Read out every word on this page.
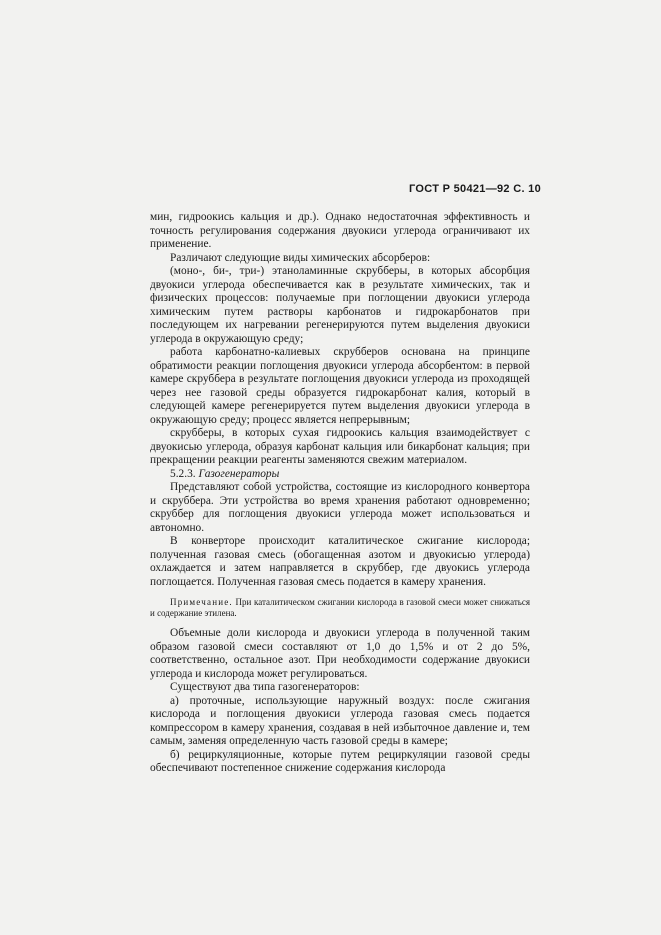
ГОСТ Р 50421—92 С. 10

мин, гидроокись кальция и др.). Однако недостаточная эффективность и точность регулирования содержания двуокиси углерода ограничивают их применение.

Различают следующие виды химических абсорберов:

(моно-, би-, три-) этаноламинные скрубберы, в которых абсорбция двуокиси углерода обеспечивается как в результате химических, так и физических процессов: получаемые при поглощении двуокиси углерода химическим путем растворы карбонатов и гидрокарбонатов при последующем их нагревании регенерируются путем выделения двуокиси углерода в окружающую среду;

работа карбонатно-калиевых скрубберов основана на принципе обратимости реакции поглощения двуокиси углерода абсорбентом: в первой камере скруббера в результате поглощения двуокиси углерода из проходящей через нее газовой среды образуется гидрокарбонат калия, который в следующей камере регенерируется путем выделения двуокиси углерода в окружающую среду; процесс является непрерывным;

скрубберы, в которых сухая гидроокись кальция взаимодействует с двуокисью углерода, образуя карбонат кальция или бикарбонат кальция; при прекращении реакции реагенты заменяются свежим материалом.

5.2.3. Газогенераторы

Представляют собой устройства, состоящие из кислородного конвертора и скруббера. Эти устройства во время хранения работают одновременно; скруббер для поглощения двуокиси углерода может использоваться и автономно.

В конверторе происходит каталитическое сжигание кислорода; полученная газовая смесь (обогащенная азотом и двуокисью углерода) охлаждается и затем направляется в скруббер, где двуокись углерода поглощается. Полученная газовая смесь подается в камеру хранения.

Примечание. При каталитическом сжигании кислорода в газовой смеси может снижаться и содержание этилена.

Объемные доли кислорода и двуокиси углерода в полученной таким образом газовой смеси составляют от 1,0 до 1,5% и от 2 до 5%, соответственно, остальное азот. При необходимости содержание двуокиси углерода и кислорода может регулироваться.

Существуют два типа газогенераторов:

а) проточные, использующие наружный воздух: после сжигания кислорода и поглощения двуокиси углерода газовая смесь подается компрессором в камеру хранения, создавая в ней избыточное давление и, тем самым, заменяя определенную часть газовой среды в камере;

б) рециркуляционные, которые путем рециркуляции газовой среды обеспечивают постепенное снижение содержания кислорода
